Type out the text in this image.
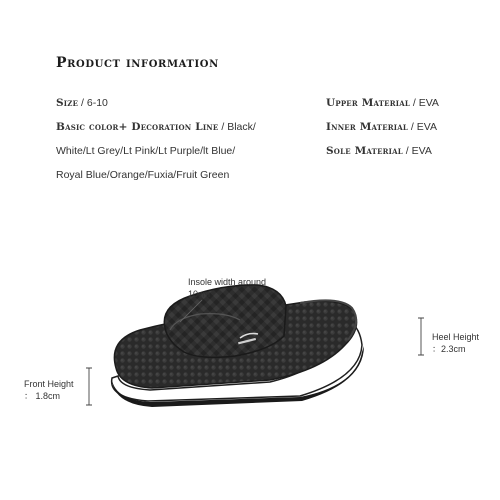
Product information
Size / 6-10
Basic color+ Decoration Line / Black/
White/Lt Grey/Lt Pink/Lt Purple/lt Blue/
Royal Blue/Orange/Fuxia/Fruit Green
Upper Material / EVA
Inner Material / EVA
Sole Material / EVA
Insole width around
10cm
Heel Height
：2.3cm
Front Height
： 1.8cm
